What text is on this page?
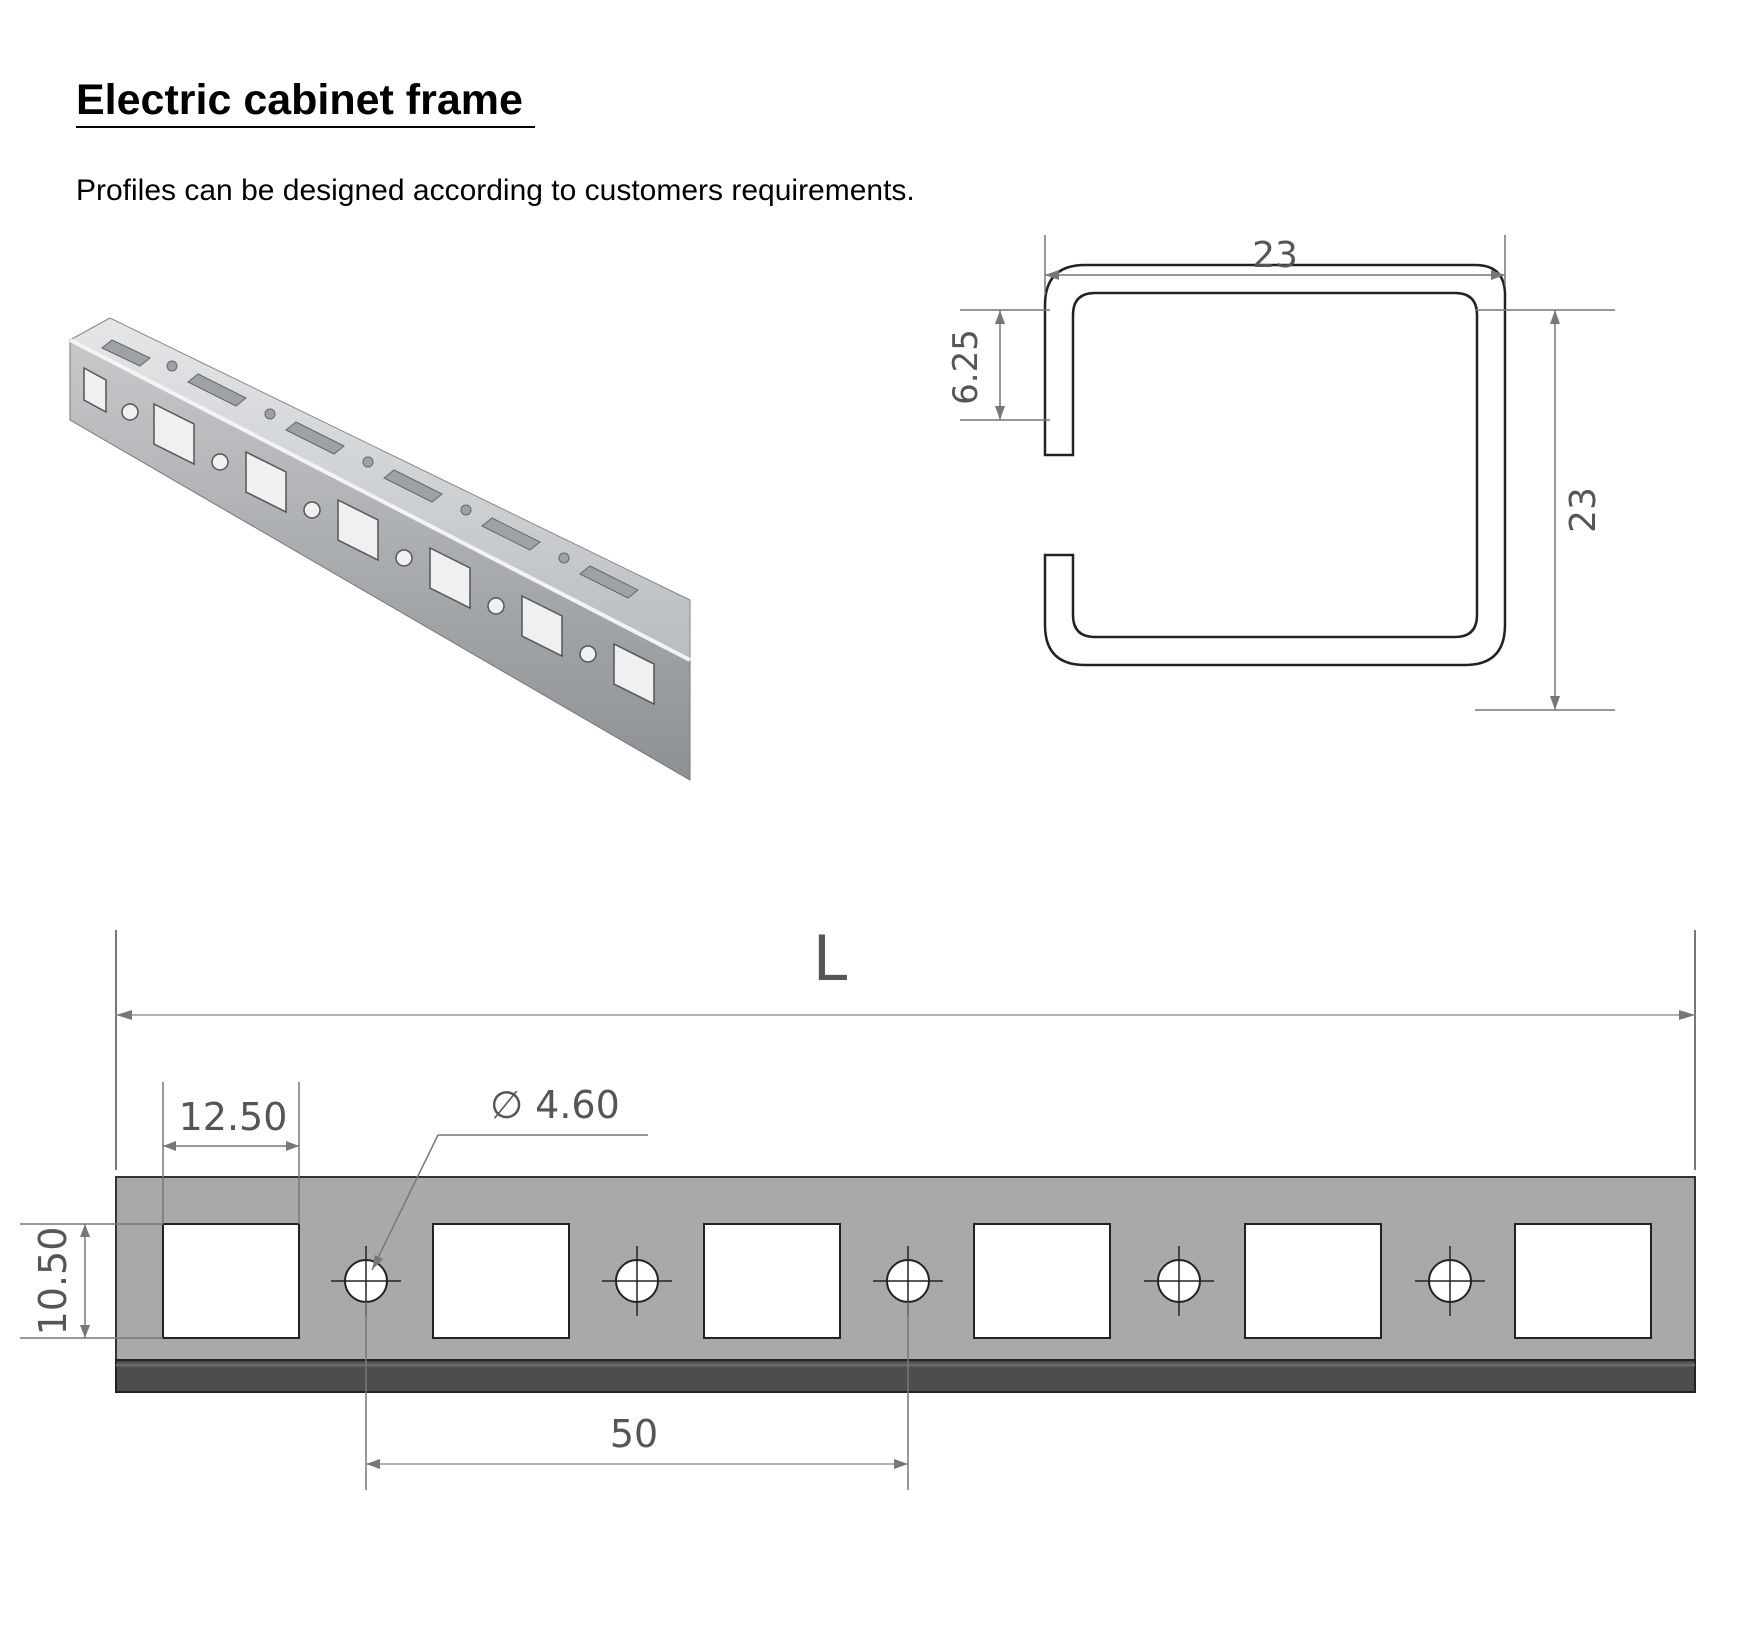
Electric cabinet frame

Profiles can be designed according to customers requirements.

23
23
6.25
L
12.50
10.50
∅ 4.60
50
